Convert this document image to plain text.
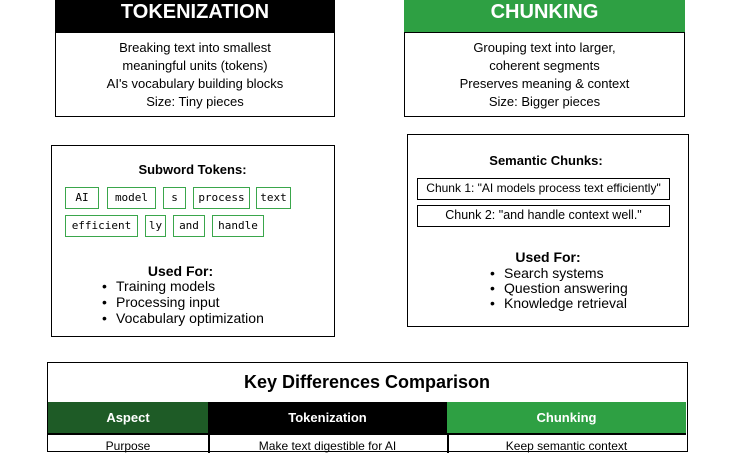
TOKENIZATION
Breaking text into smallest
meaningful units (tokens)
AI's vocabulary building blocks
Size: Tiny pieces
CHUNKING
Grouping text into larger,
coherent segments
Preserves meaning & context
Size: Bigger pieces
Subword Tokens:
AI	model	s	process	text
efficient	ly	and	handle
Used For:
• Training models
• Processing input
• Vocabulary optimization
Semantic Chunks:
Chunk 1: "AI models process text efficiently"
Chunk 2: "and handle context well."
Used For:
• Search systems
• Question answering
• Knowledge retrieval
Key Differences Comparison
Aspect	Tokenization	Chunking
Purpose	Make text digestible for AI	Keep semantic context
